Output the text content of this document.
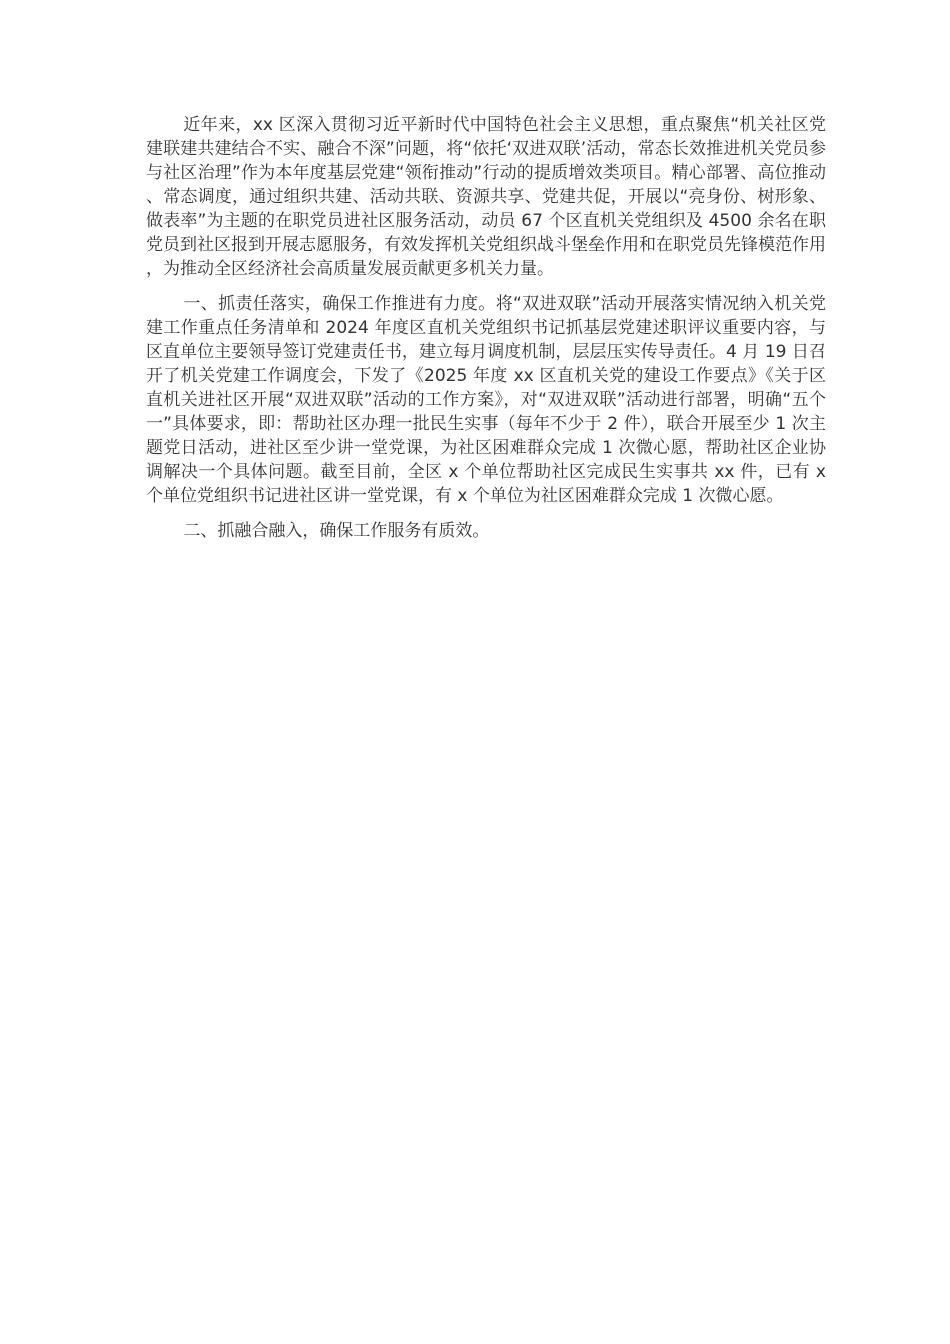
近年来，xx 区深入贯彻习近平新时代中国特色社会主义思想，重点聚焦“机关社区党建联建共建结合不实、融合不深”问题，将“依托‘双进双联’活动，常态长效推进机关党员参与社区治理”作为本年度基层党建“领衔推动”行动的提质增效类项目。精心部署、高位推动、常态调度，通过组织共建、活动共联、资源共享、党建共促，开展以“亮身份、树形象、做表率”为主题的在职党员进社区服务活动，动员 67 个区直机关党组织及 4500 余名在职党员到社区报到开展志愿服务，有效发挥机关党组织战斗堡垒作用和在职党员先锋模范作用，为推动全区经济社会高质量发展贡献更多机关力量。

一、抓责任落实，确保工作推进有力度。将“双进双联”活动开展落实情况纳入机关党建工作重点任务清单和 2024 年度区直机关党组织书记抓基层党建述职评议重要内容，与区直单位主要领导签订党建责任书，建立每月调度机制，层层压实传导责任。4 月 19 日召开了机关党建工作调度会，下发了《2025 年度 xx 区直机关党的建设工作要点》《关于区直机关进社区开展“双进双联”活动的工作方案》，对“双进双联”活动进行部署，明确“五个一”具体要求，即：帮助社区办理一批民生实事（每年不少于 2 件），联合开展至少 1 次主题党日活动，进社区至少讲一堂党课，为社区困难群众完成 1 次微心愿，帮助社区企业协调解决一个具体问题。截至目前，全区 x 个单位帮助社区完成民生实事共 xx 件，已有 x 个单位党组织书记进社区讲一堂党课，有 x 个单位为社区困难群众完成 1 次微心愿。

二、抓融合融入，确保工作服务有质效。
